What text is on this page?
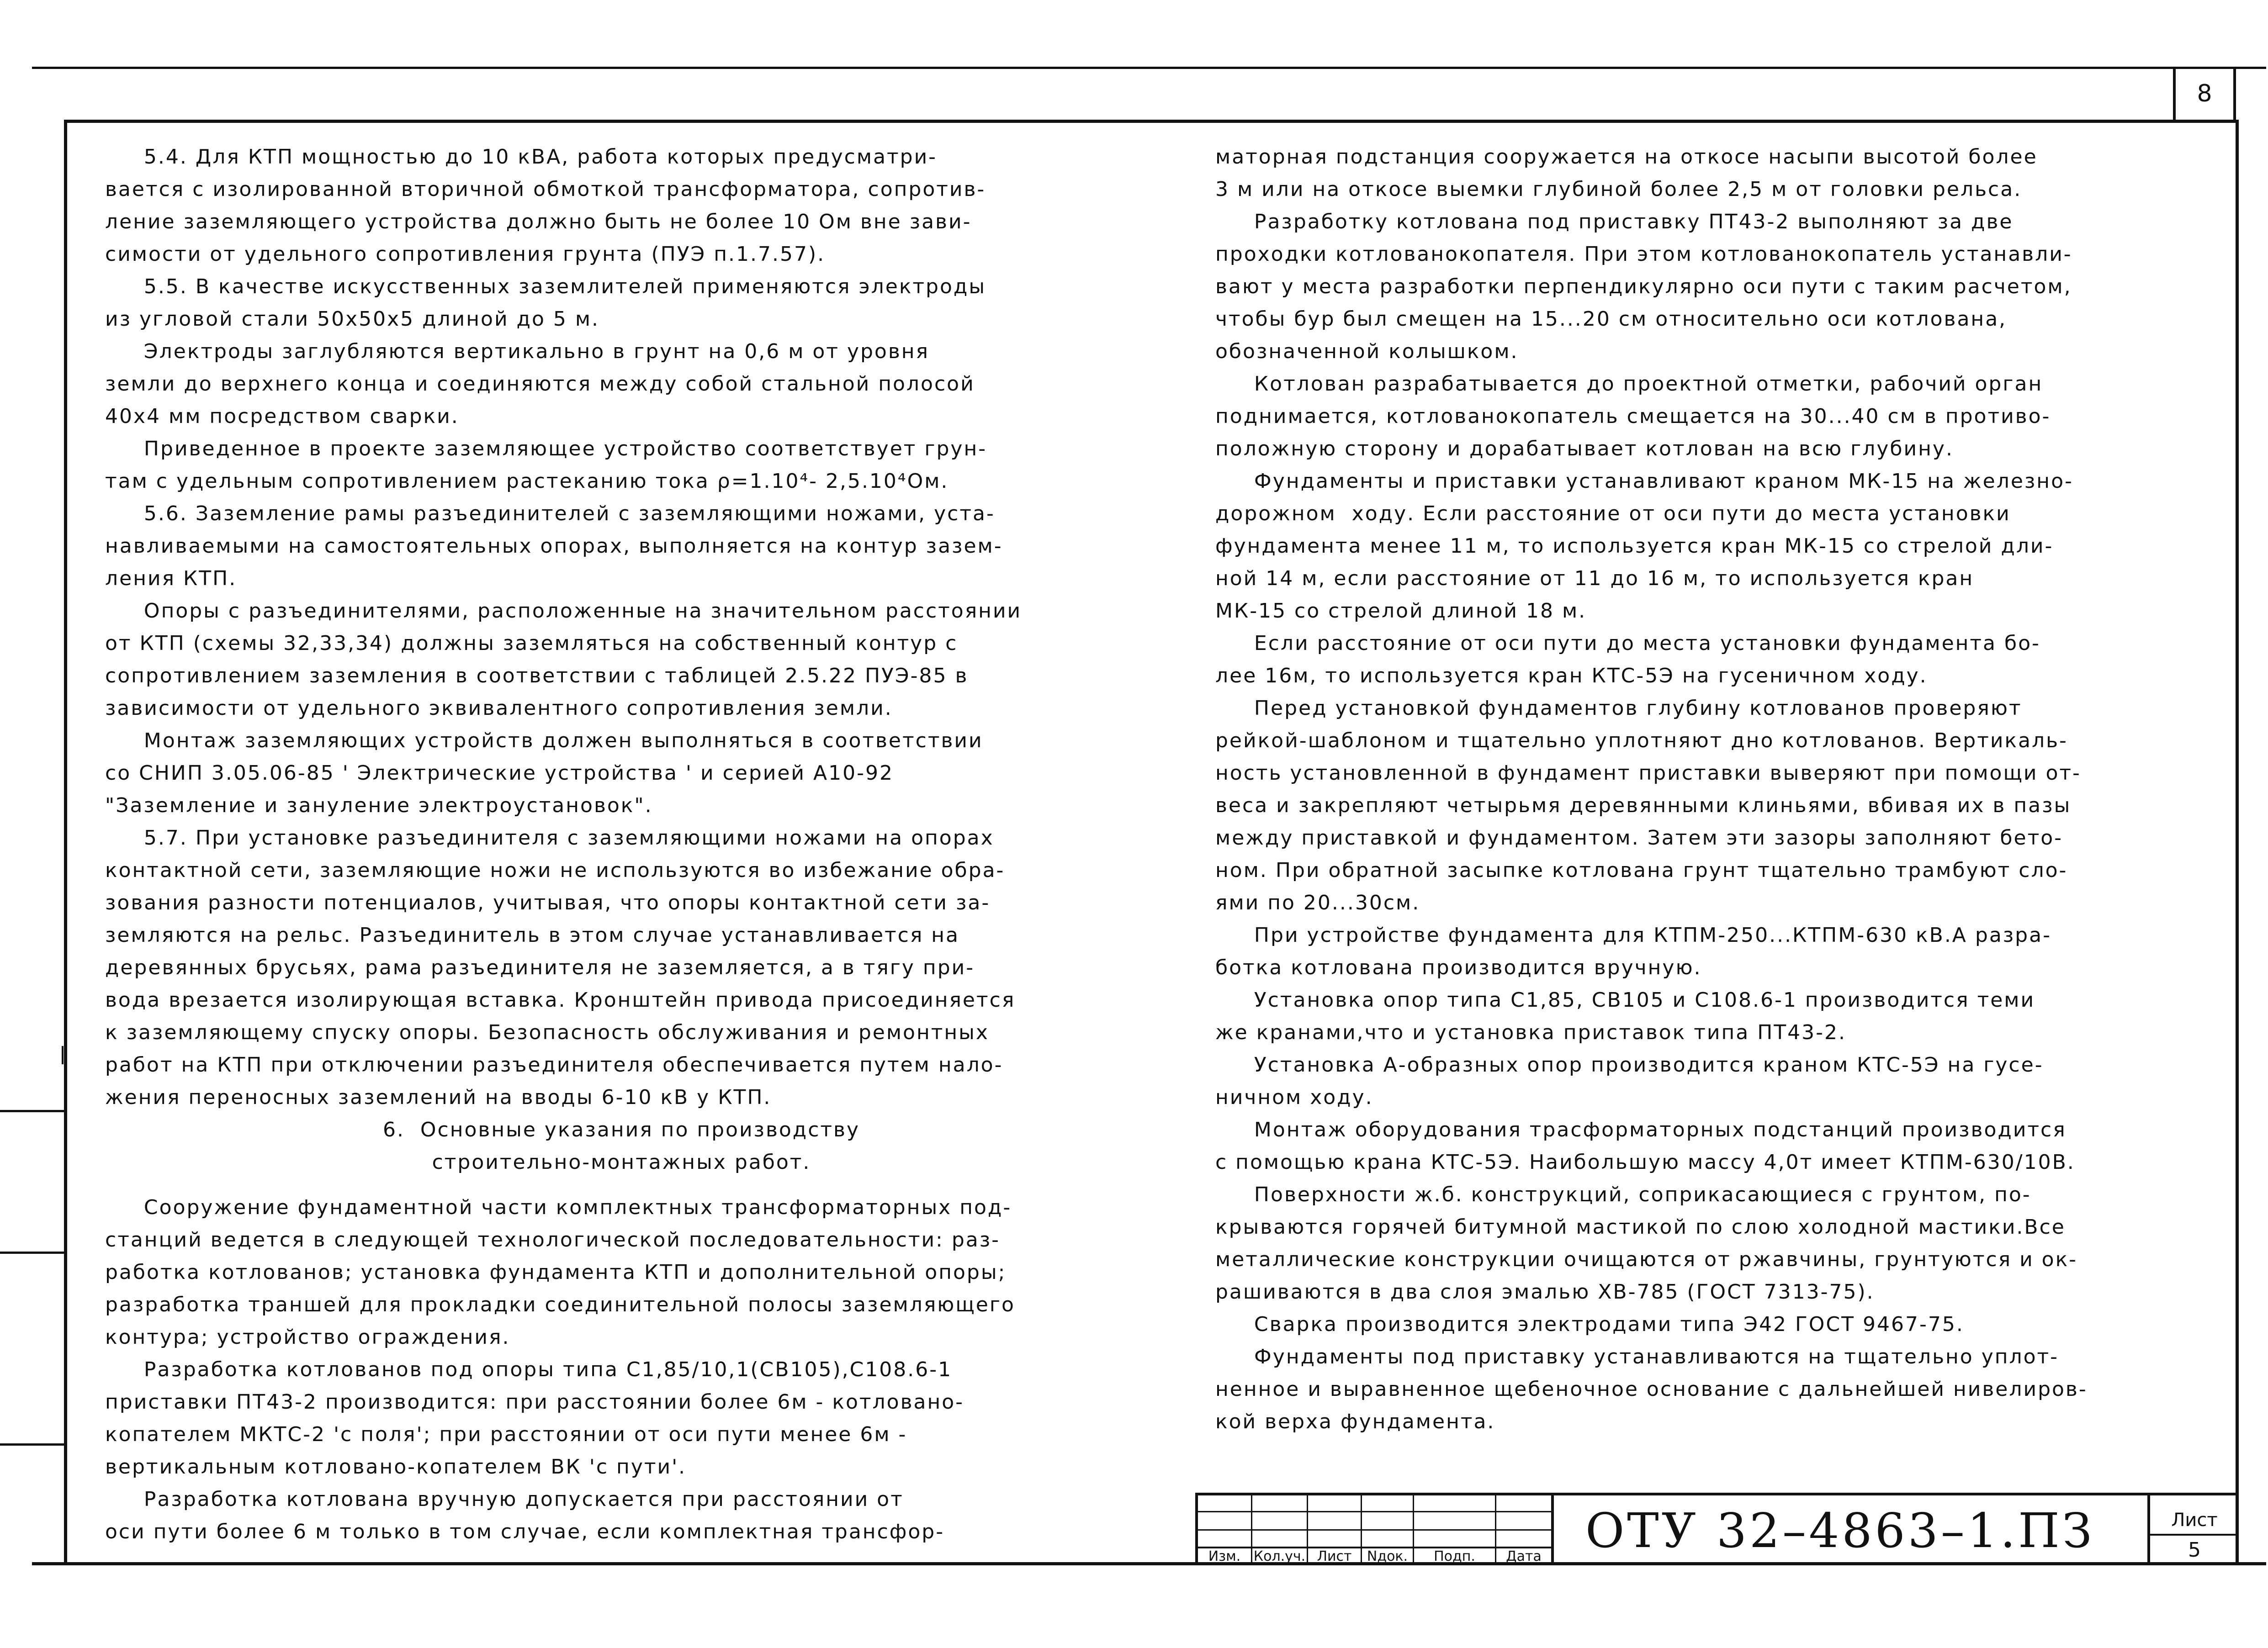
8
5.4. Для КТП мощностью до 10 кВА, работа которых предусматри-
вается с изолированной вторичной обмоткой трансформатора, сопротив-
ление заземляющего устройства должно быть не более 10 Ом вне зави-
симости от удельного сопротивления грунта (ПУЭ п.1.7.57).
5.5. В качестве искусственных заземлителей применяются электроды
из угловой стали 50х50х5 длиной до 5 м.
Электроды заглубляются вертикально в грунт на 0,6 м от уровня
земли до верхнего конца и соединяются между собой стальной полосой
40х4 мм посредством сварки.
Приведенное в проекте заземляющее устройство соответствует грун-
там с удельным сопротивлением растеканию тока ρ=1.10⁴- 2,5.10⁴Ом.
5.6. Заземление рамы разъединителей с заземляющими ножами, уста-
навливаемыми на самостоятельных опорах, выполняется на контур зазем-
ления КТП.
Опоры с разъединителями, расположенные на значительном расстоянии
от КТП (схемы 32,33,34) должны заземляться на собственный контур с
сопротивлением заземления в соответствии с таблицей 2.5.22 ПУЭ-85 в
зависимости от удельного эквивалентного сопротивления земли.
Монтаж заземляющих устройств должен выполняться в соответствии
со СНИП 3.05.06-85 ' Электрические устройства ' и серией А10-92
"Заземление и зануление электроустановок".
5.7. При установке разъединителя с заземляющими ножами на опорах
контактной сети, заземляющие ножи не используются во избежание обра-
зования разности потенциалов, учитывая, что опоры контактной сети за-
земляются на рельс. Разъединитель в этом случае устанавливается на
деревянных брусьях, рама разъединителя не заземляется, а в тягу при-
вода врезается изолирующая вставка. Кронштейн привода присоединяется
к заземляющему спуску опоры. Безопасность обслуживания и ремонтных
работ на КТП при отключении разъединителя обеспечивается путем нало-
жения переносных заземлений на вводы 6-10 кВ у КТП.
6.  Основные указания по производству
строительно-монтажных работ.
Сооружение фундаментной части комплектных трансформаторных под-
станций ведется в следующей технологической последовательности: раз-
работка котлованов; установка фундамента КТП и дополнительной опоры;
разработка траншей для прокладки соединительной полосы заземляющего
контура; устройство ограждения.
Разработка котлованов под опоры типа С1,85/10,1(СВ105),С108.6-1
приставки ПТ43-2 производится: при расстоянии более 6м - котловано-
копателем МКТС-2 'с поля'; при расстоянии от оси пути менее 6м -
вертикальным котловано-копателем ВК 'с пути'.
Разработка котлована вручную допускается при расстоянии от
оси пути более 6 м только в том случае, если комплектная трансфор-
маторная подстанция сооружается на откосе насыпи высотой более
3 м или на откосе выемки глубиной более 2,5 м от головки рельса.
Разработку котлована под приставку ПТ43-2 выполняют за две
проходки котлованокопателя. При этом котлованокопатель устанавли-
вают у места разработки перпендикулярно оси пути с таким расчетом,
чтобы бур был смещен на 15...20 см относительно оси котлована,
обозначенной колышком.
Котлован разрабатывается до проектной отметки, рабочий орган
поднимается, котлованокопатель смещается на 30...40 см в противо-
положную сторону и дорабатывает котлован на всю глубину.
Фундаменты и приставки устанавливают краном МК-15 на железно-
дорожном  ходу. Если расстояние от оси пути до места установки
фундамента менее 11 м, то используется кран МК-15 со стрелой дли-
ной 14 м, если расстояние от 11 до 16 м, то используется кран
МК-15 со стрелой длиной 18 м.
Если расстояние от оси пути до места установки фундамента бо-
лее 16м, то используется кран КТС-5Э на гусеничном ходу.
Перед установкой фундаментов глубину котлованов проверяют
рейкой-шаблоном и тщательно уплотняют дно котлованов. Вертикаль-
ность установленной в фундамент приставки выверяют при помощи от-
веса и закрепляют четырьмя деревянными клиньями, вбивая их в пазы
между приставкой и фундаментом. Затем эти зазоры заполняют бето-
ном. При обратной засыпке котлована грунт тщательно трамбуют сло-
ями по 20...30см.
При устройстве фундамента для КТПМ-250...КТПМ-630 кВ.А разра-
ботка котлована производится вручную.
Установка опор типа С1,85, СВ105 и С108.6-1 производится теми
же кранами,что и установка приставок типа ПТ43-2.
Установка А-образных опор производится краном КТС-5Э на гусе-
ничном ходу.
Монтаж оборудования трасформаторных подстанций производится
с помощью крана КТС-5Э. Наибольшую массу 4,0т имеет КТПМ-630/10В.
Поверхности ж.б. конструкций, соприкасающиеся с грунтом, по-
крываются горячей битумной мастикой по слою холодной мастики.Все
металлические конструкции очищаются от ржавчины, грунтуются и ок-
рашиваются в два слоя эмалью ХВ-785 (ГОСТ 7313-75).
Сварка производится электродами типа Э42 ГОСТ 9467-75.
Фундаменты под приставку устанавливаются на тщательно уплот-
ненное и выравненное щебеночное основание с дальнейшей нивелиров-
кой верха фундамента.
Изм. Кол.уч. Лист	Nдок.	Подп.	Дата ОТУ 32–4863–1.ПЗ	Лист
5
